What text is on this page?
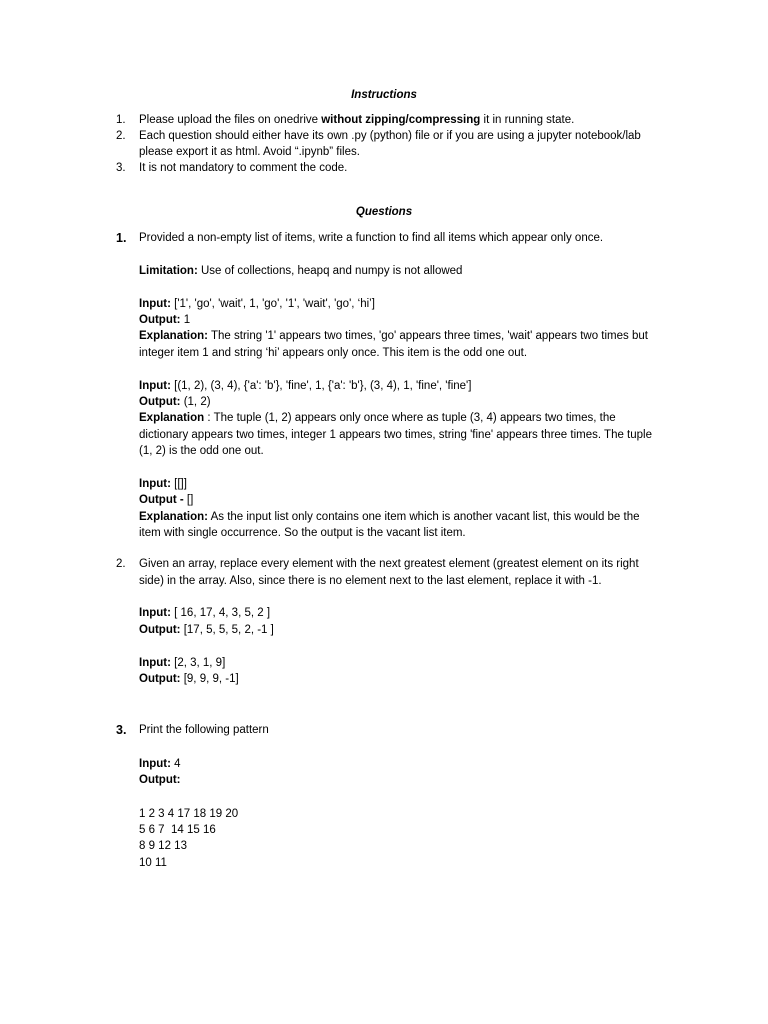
Instructions
1. Please upload the files on onedrive without zipping/compressing it in running state.
2. Each question should either have its own .py (python) file or if you are using a jupyter notebook/lab
please export it as html. Avoid “.ipynb” files.
3. It is not mandatory to comment the code.
Questions
1. Provided a non-empty list of items, write a function to find all items which appear only once.
Limitation: Use of collections, heapq and numpy is not allowed
Input: ['1', 'go', 'wait', 1, 'go', '1', 'wait', 'go', ‘hi’]
Output: 1
Explanation: The string '1' appears two times, 'go' appears three times, 'wait' appears two times but
integer item 1 and string ‘hi’ appears only once. This item is the odd one out.
Input: [(1, 2), (3, 4), {'a': 'b'}, 'fine', 1, {'a': 'b'}, (3, 4), 1, 'fine', 'fine']
Output: (1, 2)
Explanation : The tuple (1, 2) appears only once where as tuple (3, 4) appears two times, the
dictionary appears two times, integer 1 appears two times, string 'fine' appears three times. The tuple
(1, 2) is the odd one out.
Input: [[]]
Output - []
Explanation: As the input list only contains one item which is another vacant list, this would be the
item with single occurrence. So the output is the vacant list item.
2. Given an array, replace every element with the next greatest element (greatest element on its right
side) in the array. Also, since there is no element next to the last element, replace it with -1.
Input: [ 16, 17, 4, 3, 5, 2 ]
Output: [17, 5, 5, 5, 2, -1 ]
Input: [2, 3, 1, 9]
Output: [9, 9, 9, -1]
3. Print the following pattern
Input: 4
Output:
1 2 3 4 17 18 19 20
5 6 7  14 15 16
8 9 12 13
10 11
